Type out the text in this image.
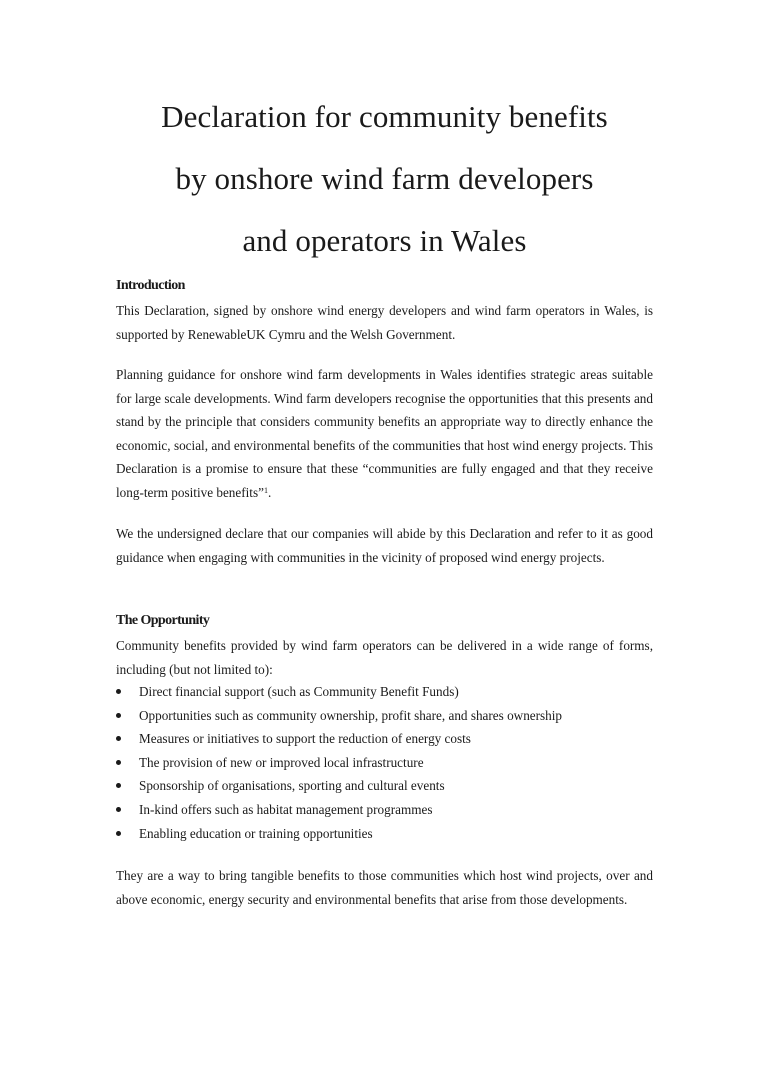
Declaration for community benefits
by onshore wind farm developers
and operators in Wales
Introduction

This Declaration, signed by onshore wind energy developers and wind farm operators in Wales, is supported by RenewableUK Cymru and the Welsh Government.

Planning guidance for onshore wind farm developments in Wales identifies strategic areas suitable for large scale developments. Wind farm developers recognise the opportunities that this presents and stand by the principle that considers community benefits an appropriate way to directly enhance the economic, social, and environmental benefits of the communities that host wind energy projects. This Declaration is a promise to ensure that these “communities are fully engaged and that they receive long-term positive benefits”$^1$.

We the undersigned declare that our companies will abide by this Declaration and refer to it as good guidance when engaging with communities in the vicinity of proposed wind energy projects.

The Opportunity

Community benefits provided by wind farm operators can be delivered in a wide range of forms, including (but not limited to):

Direct financial support (such as Community Benefit Funds)
Opportunities such as community ownership, profit share, and shares ownership
Measures or initiatives to support the reduction of energy costs
The provision of new or improved local infrastructure
Sponsorship of organisations, sporting and cultural events
In-kind offers such as habitat management programmes
Enabling education or training opportunities

They are a way to bring tangible benefits to those communities which host wind projects, over and above economic, energy security and environmental benefits that arise from those developments.
